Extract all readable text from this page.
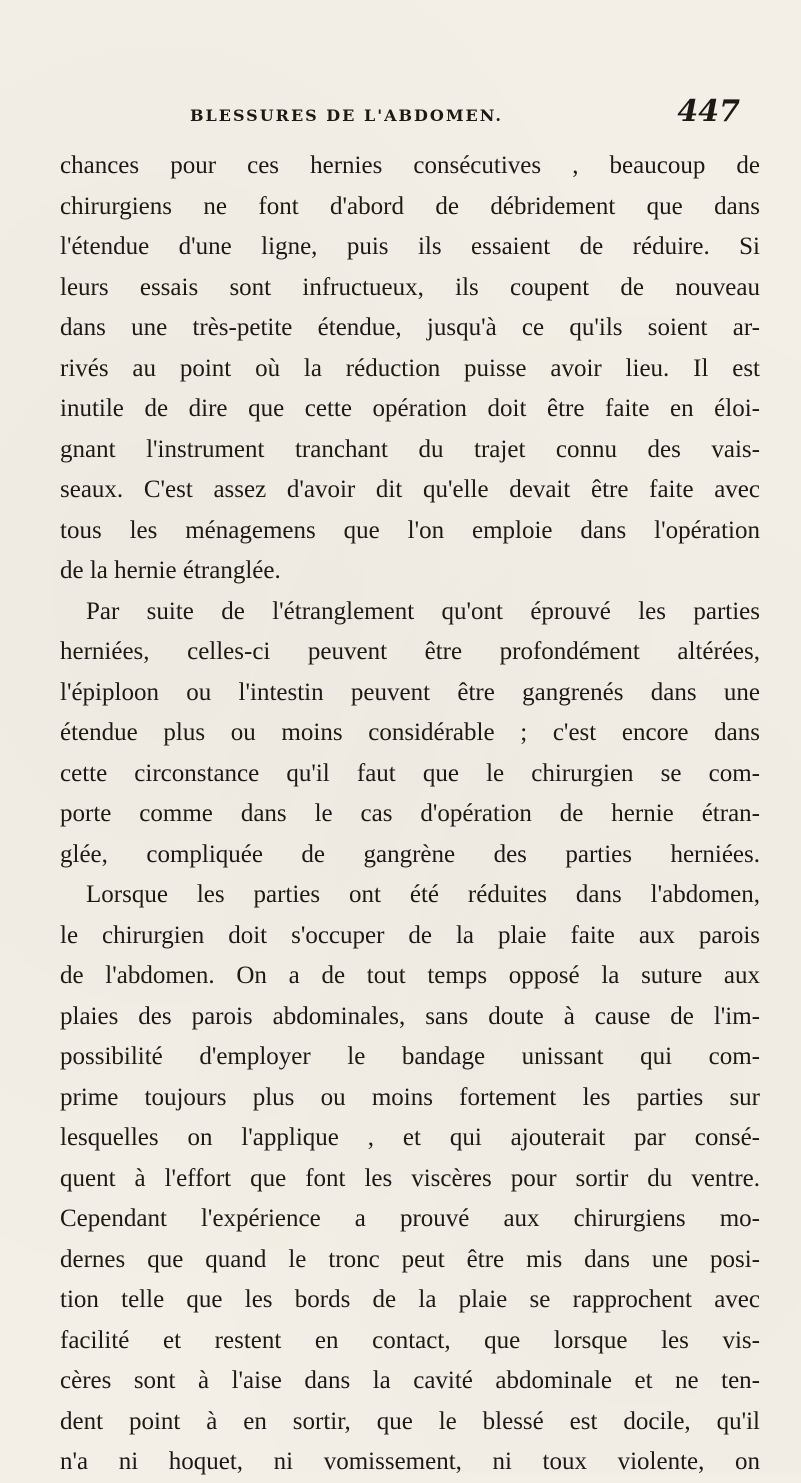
BLESSURES DE L'ABDOMEN.	447
chances pour ces hernies consécutives , beaucoup de
chirurgiens ne font d'abord de débridement que dans
l'étendue d'une ligne, puis ils essaient de réduire. Si
leurs essais sont infructueux, ils coupent de nouveau
dans une très-petite étendue, jusqu'à ce qu'ils soient ar-
rivés au point où la réduction puisse avoir lieu. Il est
inutile de dire que cette opération doit être faite en éloi-
gnant l'instrument tranchant du trajet connu des vais-
seaux. C'est assez d'avoir dit qu'elle devait être faite avec
tous les ménagemens que l'on emploie dans l'opération
de la hernie étranglée.
Par suite de l'étranglement qu'ont éprouvé les parties
herniées, celles-ci peuvent être profondément altérées,
l'épiploon ou l'intestin peuvent être gangrenés dans une
étendue plus ou moins considérable ; c'est encore dans
cette circonstance qu'il faut que le chirurgien se com-
porte comme dans le cas d'opération de hernie étran-
glée, compliquée de gangrène des parties herniées.
Lorsque les parties ont été réduites dans l'abdomen,
le chirurgien doit s'occuper de la plaie faite aux parois
de l'abdomen. On a de tout temps opposé la suture aux
plaies des parois abdominales, sans doute à cause de l'im-
possibilité d'employer le bandage unissant qui com-
prime toujours plus ou moins fortement les parties sur
lesquelles on l'applique , et qui ajouterait par consé-
quent à l'effort que font les viscères pour sortir du ventre.
Cependant l'expérience a prouvé aux chirurgiens mo-
dernes que quand le tronc peut être mis dans une posi-
tion telle que les bords de la plaie se rapprochent avec
facilité et restent en contact, que lorsque les vis-
cères sont à l'aise dans la cavité abdominale et ne ten-
dent point à en sortir, que le blessé est docile, qu'il
n'a ni hoquet, ni vomissement, ni toux violente, on
